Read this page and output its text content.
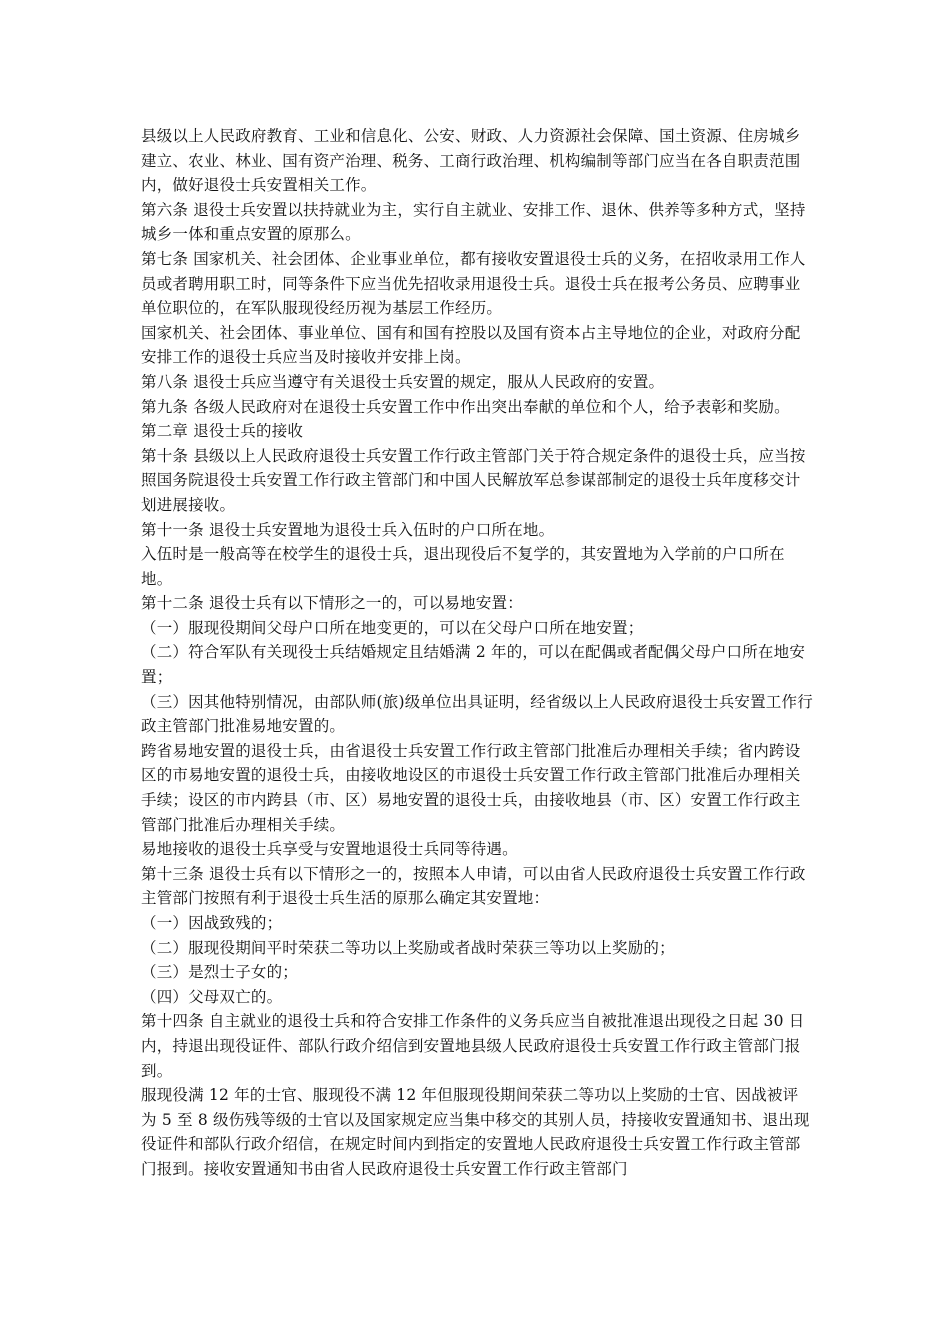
县级以上人民政府教育、工业和信息化、公安、财政、人力资源社会保障、国土资源、住房城乡建立、农业、林业、国有资产治理、税务、工商行政治理、机构编制等部门应当在各自职责范围内，做好退役士兵安置相关工作。

第六条 退役士兵安置以扶持就业为主，实行自主就业、安排工作、退休、供养等多种方式，坚持城乡一体和重点安置的原那么。

第七条 国家机关、社会团体、企业事业单位，都有接收安置退役士兵的义务，在招收录用工作人员或者聘用职工时，同等条件下应当优先招收录用退役士兵。退役士兵在报考公务员、应聘事业单位职位的，在军队服现役经历视为基层工作经历。

国家机关、社会团体、事业单位、国有和国有控股以及国有资本占主导地位的企业，对政府分配安排工作的退役士兵应当及时接收并安排上岗。

第八条 退役士兵应当遵守有关退役士兵安置的规定，服从人民政府的安置。

第九条 各级人民政府对在退役士兵安置工作中作出突出奉献的单位和个人，给予表彰和奖励。

第二章 退役士兵的接收

第十条 县级以上人民政府退役士兵安置工作行政主管部门关于符合规定条件的退役士兵，应当按照国务院退役士兵安置工作行政主管部门和中国人民解放军总参谋部制定的退役士兵年度移交计划进展接收。

第十一条 退役士兵安置地为退役士兵入伍时的户口所在地。

入伍时是一般高等在校学生的退役士兵，退出现役后不复学的，其安置地为入学前的户口所在地。

第十二条 退役士兵有以下情形之一的，可以易地安置：

（一）服现役期间父母户口所在地变更的，可以在父母户口所在地安置；

（二）符合军队有关现役士兵结婚规定且结婚满 2 年的，可以在配偶或者配偶父母户口所在地安置；

（三）因其他特别情况，由部队师(旅)级单位出具证明，经省级以上人民政府退役士兵安置工作行政主管部门批准易地安置的。

跨省易地安置的退役士兵，由省退役士兵安置工作行政主管部门批准后办理相关手续；省内跨设区的市易地安置的退役士兵，由接收地设区的市退役士兵安置工作行政主管部门批准后办理相关手续；设区的市内跨县（市、区）易地安置的退役士兵，由接收地县（市、区）安置工作行政主管部门批准后办理相关手续。

易地接收的退役士兵享受与安置地退役士兵同等待遇。

第十三条 退役士兵有以下情形之一的，按照本人申请，可以由省人民政府退役士兵安置工作行政主管部门按照有利于退役士兵生活的原那么确定其安置地：

（一）因战致残的；

（二）服现役期间平时荣获二等功以上奖励或者战时荣获三等功以上奖励的；

（三）是烈士子女的；

（四）父母双亡的。

第十四条 自主就业的退役士兵和符合安排工作条件的义务兵应当自被批准退出现役之日起 30 日内，持退出现役证件、部队行政介绍信到安置地县级人民政府退役士兵安置工作行政主管部门报到。

服现役满 12 年的士官、服现役不满 12 年但服现役期间荣获二等功以上奖励的士官、因战被评为 5 至 8 级伤残等级的士官以及国家规定应当集中移交的其别人员，持接收安置通知书、退出现役证件和部队行政介绍信，在规定时间内到指定的安置地人民政府退役士兵安置工作行政主管部门报到。接收安置通知书由省人民政府退役士兵安置工作行政主管部门
